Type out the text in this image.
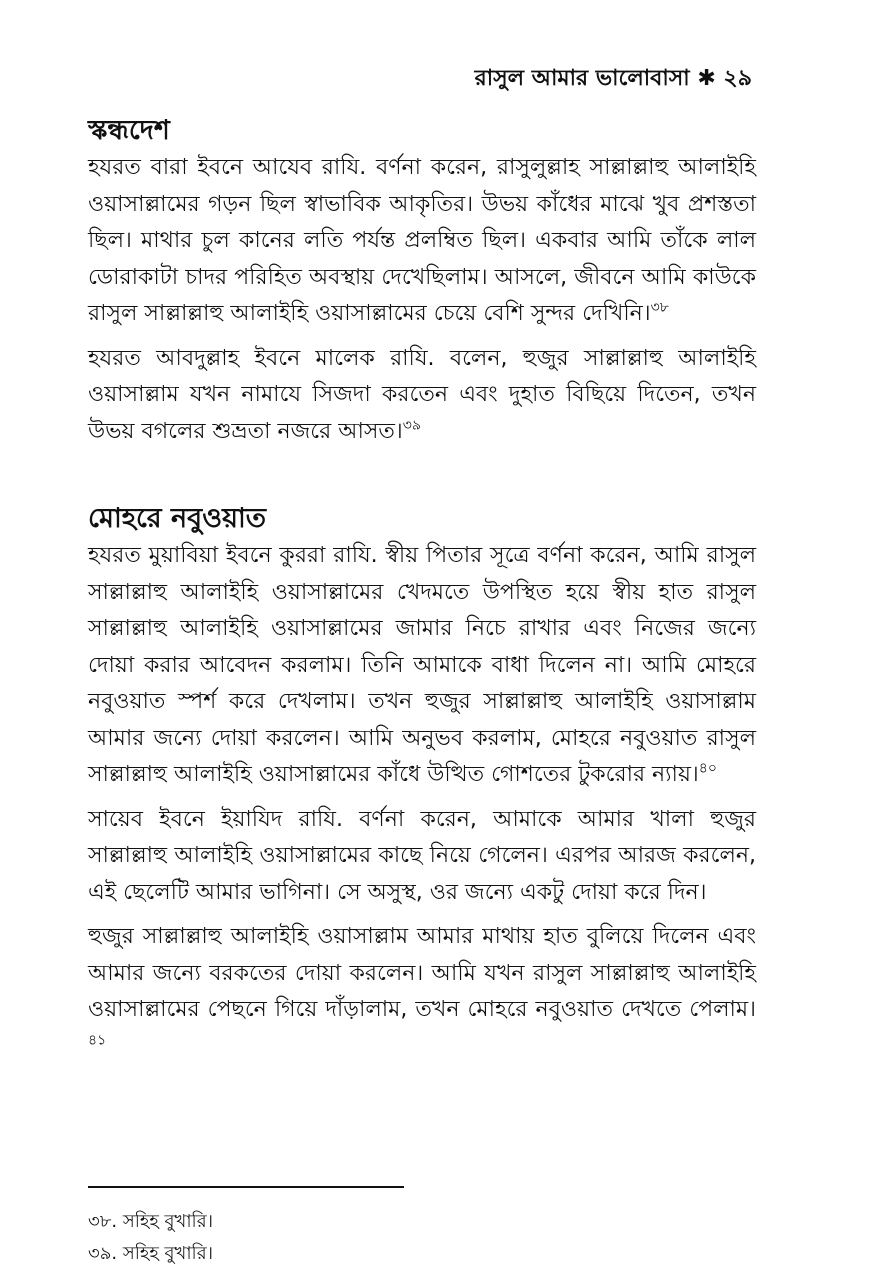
রাসুল আমার ভালোবাসা ✱ ২৯
স্কন্ধদেশ

হযরত বারা ইবনে আযেব রাযি. বর্ণনা করেন, রাসুলুল্লাহ সাল্লাল্লাহু আলাইহি ওয়াসাল্লামের গড়ন ছিল স্বাভাবিক আকৃতির। উভয় কাঁধের মাঝে খুব প্রশস্ততা ছিল। মাথার চুল কানের লতি পর্যন্ত প্রলম্বিত ছিল। একবার আমি তাঁকে লাল ডোরাকাটা চাদর পরিহিত অবস্থায় দেখেছিলাম। আসলে, জীবনে আমি কাউকে রাসুল সাল্লাল্লাহু আলাইহি ওয়াসাল্লামের চেয়ে বেশি সুন্দর দেখিনি।$^{৩৮}$

হযরত আবদুল্লাহ ইবনে মালেক রাযি. বলেন, হুজুর সাল্লাল্লাহু আলাইহি ওয়াসাল্লাম যখন নামাযে সিজদা করতেন এবং দুহাত বিছিয়ে দিতেন, তখন উভয় বগলের শুভ্রতা নজরে আসত।$^{৩৯}$

মোহরে নবুওয়াত

হযরত মুয়াবিয়া ইবনে কুররা রাযি. স্বীয় পিতার সূত্রে বর্ণনা করেন, আমি রাসুল সাল্লাল্লাহু আলাইহি ওয়াসাল্লামের খেদমতে উপস্থিত হয়ে স্বীয় হাত রাসুল সাল্লাল্লাহু আলাইহি ওয়াসাল্লামের জামার নিচে রাখার এবং নিজের জন্যে দোয়া করার আবেদন করলাম। তিনি আমাকে বাধা দিলেন না। আমি মোহরে নবুওয়াত স্পর্শ করে দেখলাম। তখন হুজুর সাল্লাল্লাহু আলাইহি ওয়াসাল্লাম আমার জন্যে দোয়া করলেন। আমি অনুভব করলাম, মোহরে নবুওয়াত রাসুল সাল্লাল্লাহু আলাইহি ওয়াসাল্লামের কাঁধে উত্থিত গোশতের টুকরোর ন্যায়।$^{৪০}$

সায়েব ইবনে ইয়াযিদ রাযি. বর্ণনা করেন, আমাকে আমার খালা হুজুর সাল্লাল্লাহু আলাইহি ওয়াসাল্লামের কাছে নিয়ে গেলেন। এরপর আরজ করলেন, এই ছেলেটি আমার ভাগিনা। সে অসুস্থ, ওর জন্যে একটু দোয়া করে দিন।

হুজুর সাল্লাল্লাহু আলাইহি ওয়াসাল্লাম আমার মাথায় হাত বুলিয়ে দিলেন এবং আমার জন্যে বরকতের দোয়া করলেন। আমি যখন রাসুল সাল্লাল্লাহু আলাইহি ওয়াসাল্লামের পেছনে গিয়ে দাঁড়ালাম, তখন মোহরে নবুওয়াত দেখতে পেলাম।$^{৪১}$

৩৮. সহিহ বুখারি।
৩৯. সহিহ বুখারি।
